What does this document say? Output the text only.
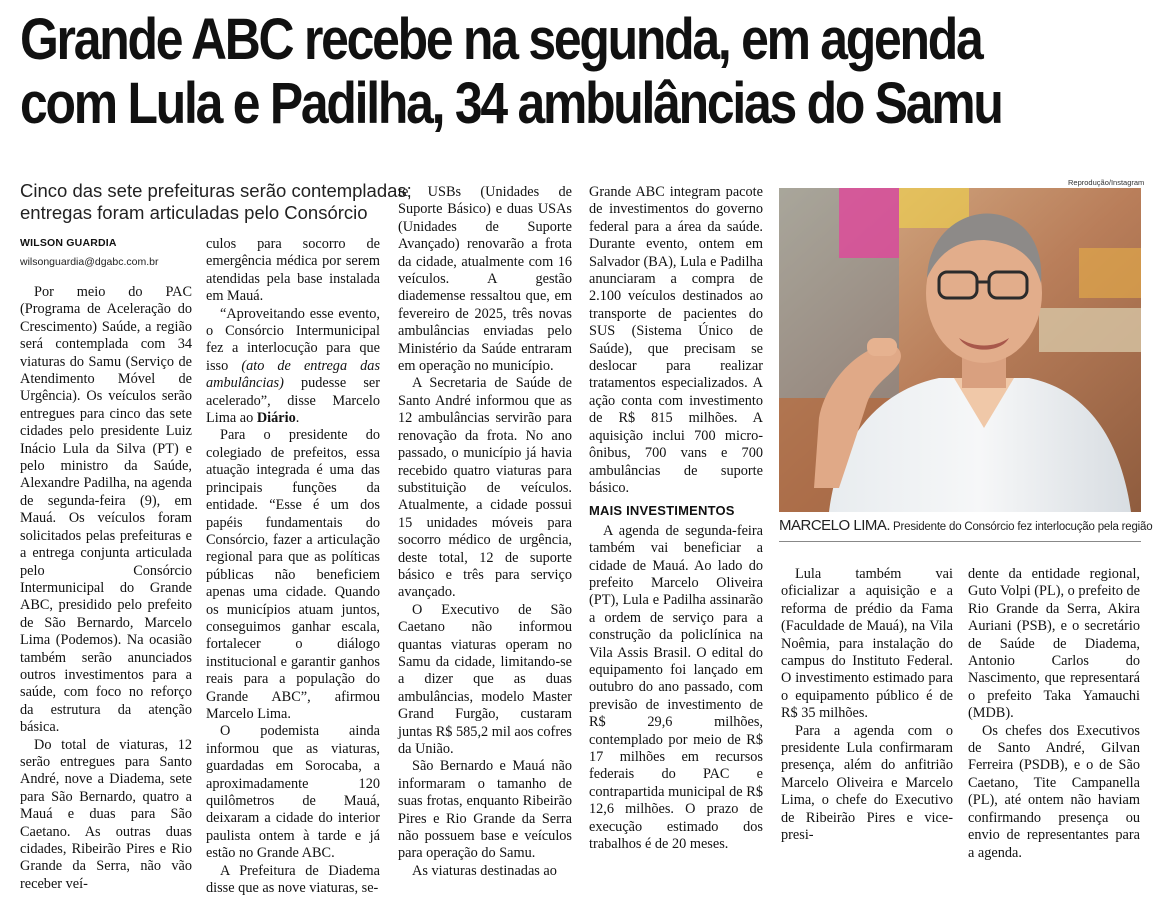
Grande ABC recebe na segunda, em agenda
com Lula e Padilha, 34 ambulâncias do Samu
Cinco das sete prefeituras serão contempladas;
entregas foram articuladas pelo Consórcio
WILSON GUARDIA
wilsonguardia@dgabc.com.br

Por meio do PAC (Programa de Aceleração do Crescimento) Saúde, a região será contemplada com 34 viaturas do Samu (Serviço de Atendimento Móvel de Urgência). Os veículos serão entregues para cinco das sete cidades pelo presidente Luiz Inácio Lula da Silva (PT) e pelo ministro da Saúde, Alexandre Padilha, na agenda de segunda-feira (9), em Mauá. Os veículos foram solicitados pelas prefeituras e a entrega conjunta articulada pelo Consórcio Intermunicipal do Grande ABC, presidido pelo prefeito de São Bernardo, Marcelo Lima (Podemos). Na ocasião também serão anunciados outros investimentos para a saúde, com foco no reforço da estrutura da atenção básica.

Do total de viaturas, 12 serão entregues para Santo André, nove a Diadema, sete para São Bernardo, quatro a Mauá e duas para São Caetano. As outras duas cidades, Ribeirão Pires e Rio Grande da Serra, não vão receber veí-

culos para socorro de emergência médica por serem atendidas pela base instalada em Mauá.

“Aproveitando esse evento, o Consórcio Intermunicipal fez a interlocução para que isso (ato de entrega das ambulâncias) pudesse ser acelerado”, disse Marcelo Lima ao Diário.

Para o presidente do colegiado de prefeitos, essa atuação integrada é uma das principais funções da entidade. “Esse é um dos papéis fundamentais do Consórcio, fazer a articulação regional para que as políticas públicas não beneficiem apenas uma cidade. Quando os municípios atuam juntos, conseguimos ganhar escala, fortalecer o diálogo institucional e garantir ganhos reais para a população do Grande ABC”, afirmou Marcelo Lima.

O podemista ainda informou que as viaturas, guardadas em Sorocaba, a aproximadamente 120 quilômetros de Mauá, deixaram a cidade do interior paulista ontem à tarde e já estão no Grande ABC.

A Prefeitura de Diadema disse que as nove viaturas, se-

te USBs (Unidades de Suporte Básico) e duas USAs (Unidades de Suporte Avançado) renovarão a frota da cidade, atualmente com 16 veículos. A gestão diademense ressaltou que, em fevereiro de 2025, três novas ambulâncias enviadas pelo Ministério da Saúde entraram em operação no município.

A Secretaria de Saúde de Santo André informou que as 12 ambulâncias servirão para renovação da frota. No ano passado, o município já havia recebido quatro viaturas para substituição de veículos. Atualmente, a cidade possui 15 unidades móveis para socorro médico de urgência, deste total, 12 de suporte básico e três para serviço avançado.

O Executivo de São Caetano não informou quantas viaturas operam no Samu da cidade, limitando-se a dizer que as duas ambulâncias, modelo Master Grand Furgão, custaram juntas R$ 585,2 mil aos cofres da União.

São Bernardo e Mauá não informaram o tamanho de suas frotas, enquanto Ribeirão Pires e Rio Grande da Serra não possuem base e veículos para operação do Samu.

As viaturas destinadas ao

Grande ABC integram pacote de investimentos do governo federal para a área da saúde. Durante evento, ontem em Salvador (BA), Lula e Padilha anunciaram a compra de 2.100 veículos destinados ao transporte de pacientes do SUS (Sistema Único de Saúde), que precisam se deslocar para realizar tratamentos especializados. A ação conta com investimento de R$ 815 milhões. A aquisição inclui 700 micro-ônibus, 700 vans e 700 ambulâncias de suporte básico.

MAIS INVESTIMENTOS

A agenda de segunda-feira também vai beneficiar a cidade de Mauá. Ao lado do prefeito Marcelo Oliveira (PT), Lula e Padilha assinarão a ordem de serviço para a construção da policlínica na Vila Assis Brasil. O edital do equipamento foi lançado em outubro do ano passado, com previsão de investimento de R$ 29,6 milhões, contemplado por meio de R$ 17 milhões em recursos federais do PAC e contrapartida municipal de R$ 12,6 milhões. O prazo de execução estimado dos trabalhos é de 20 meses.

Lula também vai oficializar a aquisição e a reforma de prédio da Fama (Faculdade de Mauá), na Vila Noêmia, para instalação do campus do Instituto Federal. O investimento estimado para o equipamento público é de R$ 35 milhões.

Para a agenda com o presidente Lula confirmaram presença, além do anfitrião Marcelo Oliveira e Marcelo Lima, o chefe do Executivo de Ribeirão Pires e vice-presi-

dente da entidade regional, Guto Volpi (PL), o prefeito de Rio Grande da Serra, Akira Auriani (PSB), e o secretário de Saúde de Diadema, Antonio Carlos do Nascimento, que representará o prefeito Taka Yamauchi (MDB).

Os chefes dos Executivos de Santo André, Gilvan Ferreira (PSDB), e o de São Caetano, Tite Campanella (PL), até ontem não haviam confirmando presença ou envio de representantes para a agenda.

Reprodução/Instagram
MARCELO LIMA. Presidente do Consórcio fez interlocução pela região
